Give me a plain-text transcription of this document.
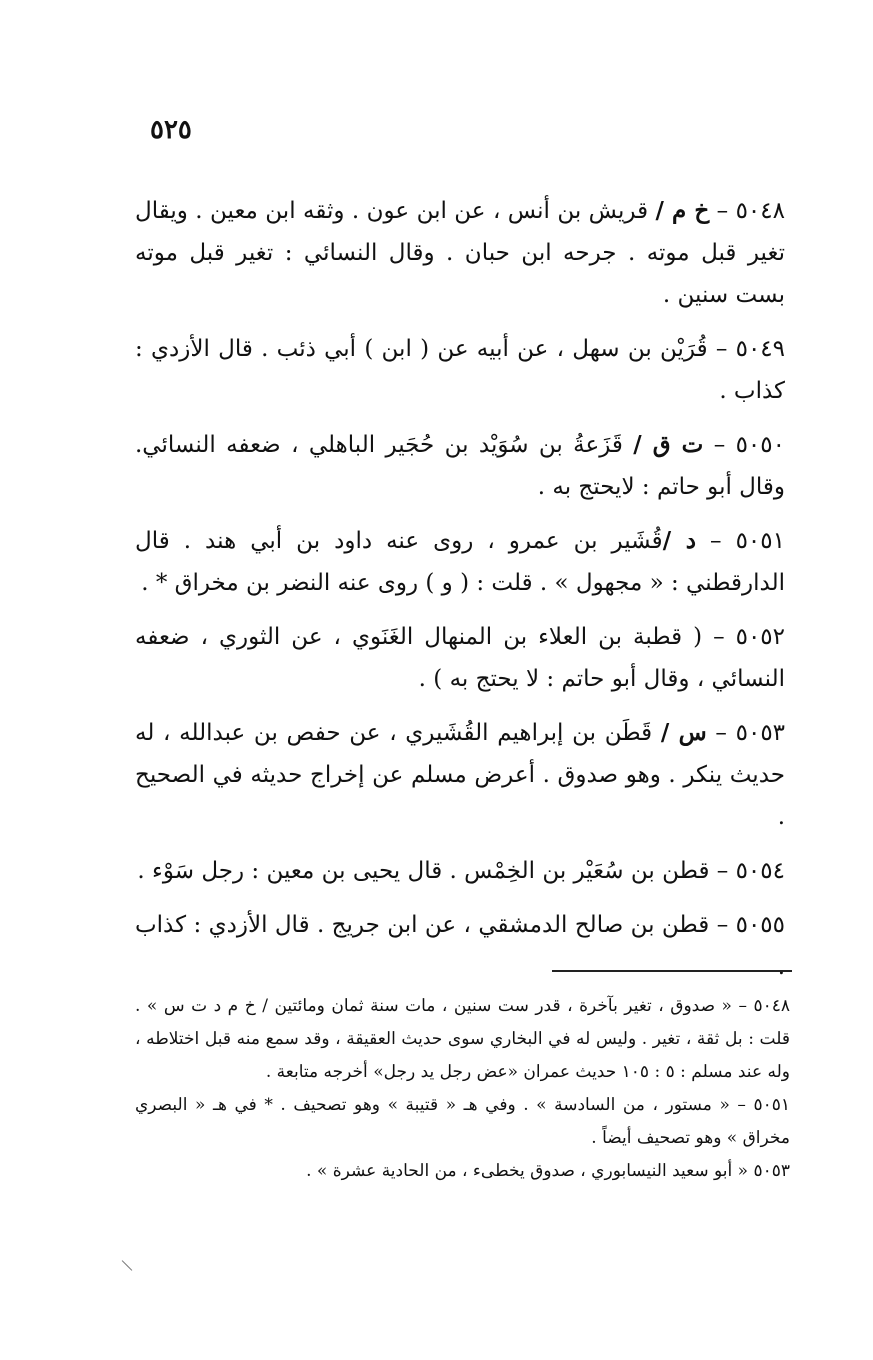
٥٢٥

٥٠٤٨ – خ م / قريش بن أنس ، عن ابن عون . وثقه ابن معين . ويقال تغير قبل موته . جرحه ابن حبان . وقال النسائي : تغير قبل موته بست سنين .

٥٠٤٩ – قُرَيْن بن سهل ، عن أبيه عن ( ابن ) أبي ذئب . قال الأزدي : كذاب .

٥٠٥٠ – ت ق / قَزَعةُ بن سُوَيْد بن حُجَير الباهلي ، ضعفه النسائي. وقال أبو حاتم : لايحتج به .

٥٠٥١ – د /قُشَير بن عمرو ، روى عنه داود بن أبي هند . قال الدارقطني : « مجهول » . قلت : ( و ) روى عنه النضر بن مخراق * .

٥٠٥٢ – ( قطبة بن العلاء بن المنهال الغَنَوي ، عن الثوري ، ضعفه النسائي ، وقال أبو حاتم : لا يحتج به ) .

٥٠٥٣ – س / قَطَن بن إبراهيم القُشَيري ، عن حفص بن عبدالله ، له حديث ينكر . وهو صدوق . أعرض مسلم عن إخراج حديثه في الصحيح .

٥٠٥٤ – قطن بن سُعَيْر بن الخِمْس . قال يحيى بن معين : رجل سَوْء .

٥٠٥٥ – قطن بن صالح الدمشقي ، عن ابن جريج . قال الأزدي : كذاب .

٥٠٤٨ – « صدوق ، تغير بآخرة ، قدر ست سنين ، مات سنة ثمان ومائتين / خ م د ت س » . قلت : بل ثقة ، تغير . وليس له في البخاري سوى حديث العقيقة ، وقد سمع منه قبل اختلاطه ، وله عند مسلم : ٥ : ١٠٥ حديث عمران «عض رجل يد رجل» أخرجه متابعة .

٥٠٥١ – « مستور ، من السادسة » . وفي هـ « قتيبة » وهو تصحيف . * في هـ « البصري مخراق » وهو تصحيف أيضاً .

٥٠٥٣ « أبو سعيد النيسابوري ، صدوق يخطىء ، من الحادية عشرة » .
